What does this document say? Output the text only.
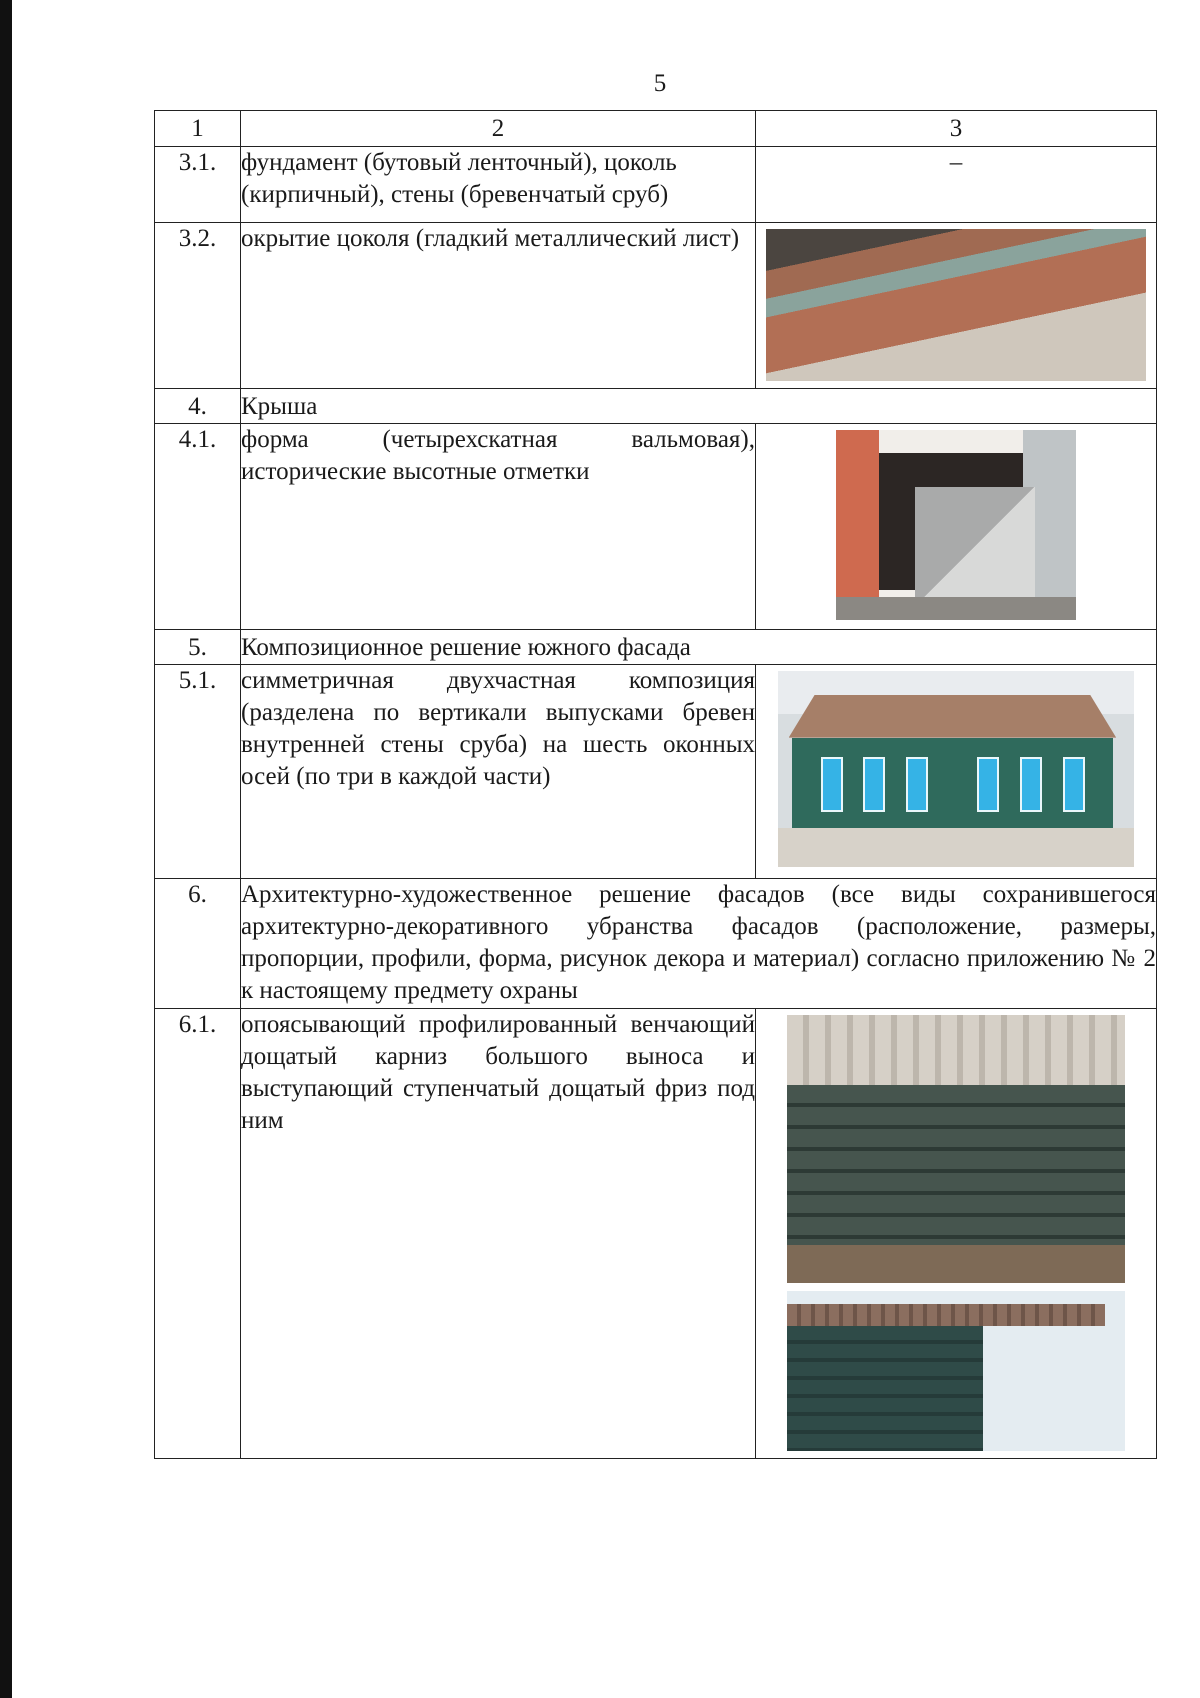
5
1	2	3
3.1.	фундамент (бутовый ленточный), цоколь (кирпичный), стены (бревенчатый сруб)	–
3.2.	окрытие цоколя (гладкий металлический лист)	

4.	Крыша	
4.1.	форма (четырехскатная вальмовая), исторические высотные отметки	

5.	Композиционное решение южного фасада	
5.1.	симметричная двухчастная композиция (разделена по вертикали выпусками бревен внутренней стены сруба) на шесть оконных осей (по три в каждой части)	

6.	Архитектурно-художественное решение фасадов (все виды сохранившегося архитектурно-декоративного убранства фасадов (расположение, размеры, пропорции, профили, форма, рисунок декора и материал) согласно приложению № 2 к настоящему предмету охраны	
6.1.	опоясывающий профилированный венчающий дощатый карниз большого выноса и выступающий ступенчатый дощатый фриз под ним	
